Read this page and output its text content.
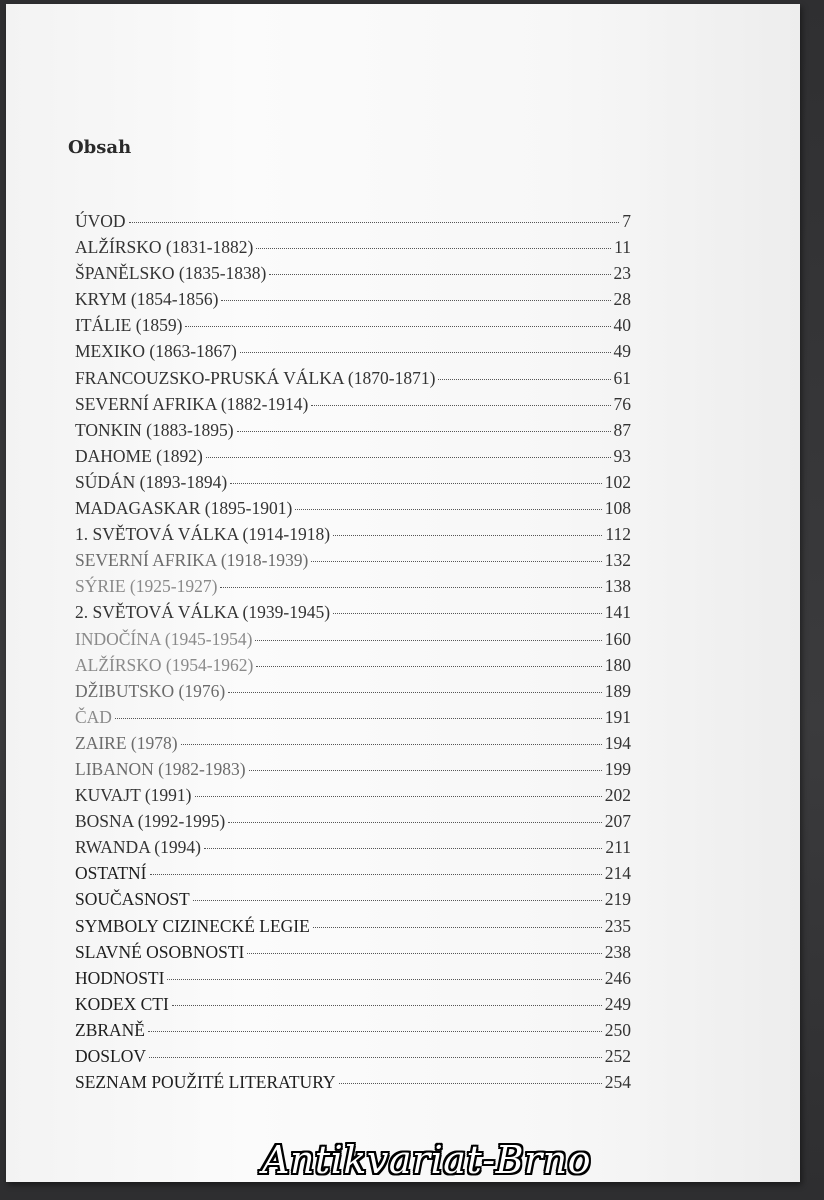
Obsah
ÚVOD	7
ALŽÍRSKO (1831-1882)	11
ŠPANĚLSKO (1835-1838)	23
KRYM (1854-1856)	28
ITÁLIE (1859)	40
MEXIKO (1863-1867)	49
FRANCOUZSKO-PRUSKÁ VÁLKA (1870-1871)	61
SEVERNÍ AFRIKA (1882-1914)	76
TONKIN (1883-1895)	87
DAHOME (1892)	93
SÚDÁN (1893-1894)	102
MADAGASKAR (1895-1901)	108
1. SVĚTOVÁ VÁLKA (1914-1918)	112
SEVERNÍ AFRIKA (1918-1939)	132
SÝRIE (1925-1927)	138
2. SVĚTOVÁ VÁLKA (1939-1945)	141
INDOČÍNA (1945-1954)	160
ALŽÍRSKO (1954-1962)	180
DŽIBUTSKO (1976)	189
ČAD	191
ZAIRE (1978)	194
LIBANON (1982-1983)	199
KUVAJT (1991)	202
BOSNA (1992-1995)	207
RWANDA (1994)	211
OSTATNÍ	214
SOUČASNOST	219
SYMBOLY CIZINECKÉ LEGIE	235
SLAVNÉ OSOBNOSTI	238
HODNOSTI	246
KODEX CTI	249
ZBRANĚ	250
DOSLOV	252
SEZNAM POUŽITÉ LITERATURY	254
Antikvariat-Brno
